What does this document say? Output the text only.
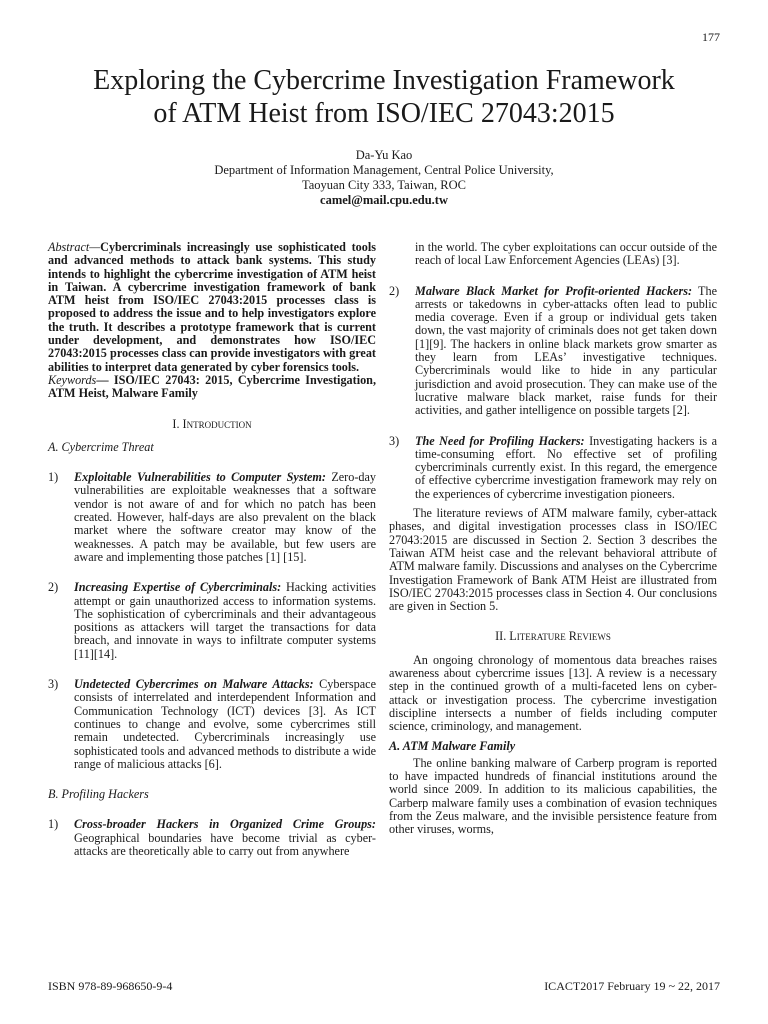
177
Exploring the Cybercrime Investigation Framework
of ATM Heist from ISO/IEC 27043:2015
Da-Yu Kao
Department of Information Management, Central Police University,
Taoyuan City 333, Taiwan, ROC
camel@mail.cpu.edu.tw

Abstract—Cybercriminals increasingly use sophisticated tools and advanced methods to attack bank systems. This study intends to highlight the cybercrime investigation of ATM heist in Taiwan. A cybercrime investigation framework of bank ATM heist from ISO/IEC 27043:2015 processes class is proposed to address the issue and to help investigators explore the truth. It describes a prototype framework that is current under development, and demonstrates how ISO/IEC 27043:2015 processes class can provide investigators with great abilities to interpret data generated by cyber forensics tools.

Keywords— ISO/IEC 27043: 2015, Cybercrime Investigation, ATM Heist, Malware Family

I. Introduction

A. Cybercrime Threat

1)	Exploitable Vulnerabilities to Computer System: Zero-day vulnerabilities are exploitable weaknesses that a software vendor is not aware of and for which no patch has been created. However, half-days are also prevalent on the black market where the software creator may know of the weaknesses. A patch may be available, but few users are aware and implementing those patches [1] [15].
2)	Increasing Expertise of Cybercriminals: Hacking activities attempt or gain unauthorized access to information systems. The sophistication of cybercriminals and their advantageous positions as attackers will target the transactions for data breach, and innovate in ways to infiltrate computer systems [11][14].
3)	Undetected Cybercrimes on Malware Attacks: Cyberspace consists of interrelated and interdependent Information and Communication Technology (ICT) devices [3]. As ICT continues to change and evolve, some cybercrimes still remain undetected. Cybercriminals increasingly use sophisticated tools and advanced methods to distribute a wide range of malicious attacks [6].

B. Profiling Hackers

1)	Cross-broader Hackers in Organized Crime Groups: Geographical boundaries have become trivial as cyber-attacks are theoretically able to carry out from anywhere

in the world. The cyber exploitations can occur outside of the reach of local Law Enforcement Agencies (LEAs) [3].

2)	Malware Black Market for Profit-oriented Hackers: The arrests or takedowns in cyber-attacks often lead to public media coverage. Even if a group or individual gets taken down, the vast majority of criminals does not get taken down [1][9]. The hackers in online black markets grow smarter as they learn from LEAs’ investigative techniques. Cybercriminals would like to hide in any particular jurisdiction and avoid prosecution. They can make use of the lucrative malware black market, raise funds for their activities, and gather intelligence on possible targets [2].
3)	The Need for Profiling Hackers: Investigating hackers is a time-consuming effort. No effective set of profiling cybercriminals currently exist. In this regard, the emergence of effective cybercrime investigation framework may rely on the experiences of cybercrime investigation pioneers.

The literature reviews of ATM malware family, cyber-attack phases, and digital investigation processes class in ISO/IEC 27043:2015 are discussed in Section 2. Section 3 describes the Taiwan ATM heist case and the relevant behavioral attribute of ATM malware family. Discussions and analyses on the Cybercrime Investigation Framework of Bank ATM Heist are illustrated from ISO/IEC 27043:2015 processes class in Section 4. Our conclusions are given in Section 5.

II. Literature Reviews

An ongoing chronology of momentous data breaches raises awareness about cybercrime issues [13]. A review is a necessary step in the continued growth of a multi-faceted lens on cyber-attack or investigation process. The cybercrime investigation discipline intersects a number of fields including computer science, criminology, and management.

A. ATM Malware Family

The online banking malware of Carberp program is reported to have impacted hundreds of financial institutions around the world since 2009. In addition to its malicious capabilities, the Carberp malware family uses a combination of evasion techniques from the Zeus malware, and the invisible persistence feature from other viruses, worms,

ISBN 978-89-968650-9-4	ICACT2017 February 19 ~ 22, 2017
